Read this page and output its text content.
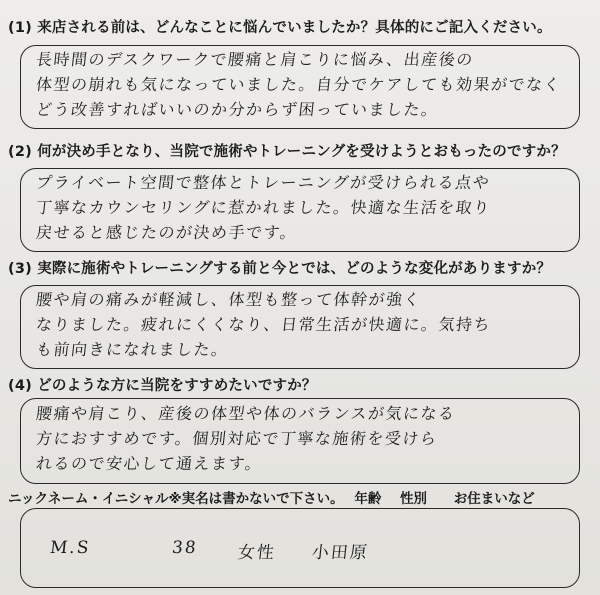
(1) 来店される前は、どんなことに悩んでいましたか？具体的にご記入ください。
長時間のデスクワークで腰痛と肩こりに悩み、出産後の
体型の崩れも気になっていました。自分でケアしても効果がでなく
どう改善すればいいのか分からず困っていました。
(2) 何が決め手となり、当院で施術やトレーニングを受けようとおもったのですか？
プライベート空間で整体とトレーニングが受けられる点や
丁寧なカウンセリングに惹かれました。快適な生活を取り
戻せると感じたのが決め手です。
(3) 実際に施術やトレーニングする前と今とでは、どのような変化がありますか？
腰や肩の痛みが軽減し、体型も整って体幹が強く
なりました。疲れにくくなり、日常生活が快適に。気持ち
も前向きになれました。
(4) どのような方に当院をすすめたいですか？
腰痛や肩こり、産後の体型や体のバランスが気になる
方におすすめです。個別対応で丁寧な施術を受けら
れるので安心して通えます。
ニックネーム・イニシャル※実名は書かないで下さい。 年齢 性別 お住まいなど
M.S	38 女性 小田原
